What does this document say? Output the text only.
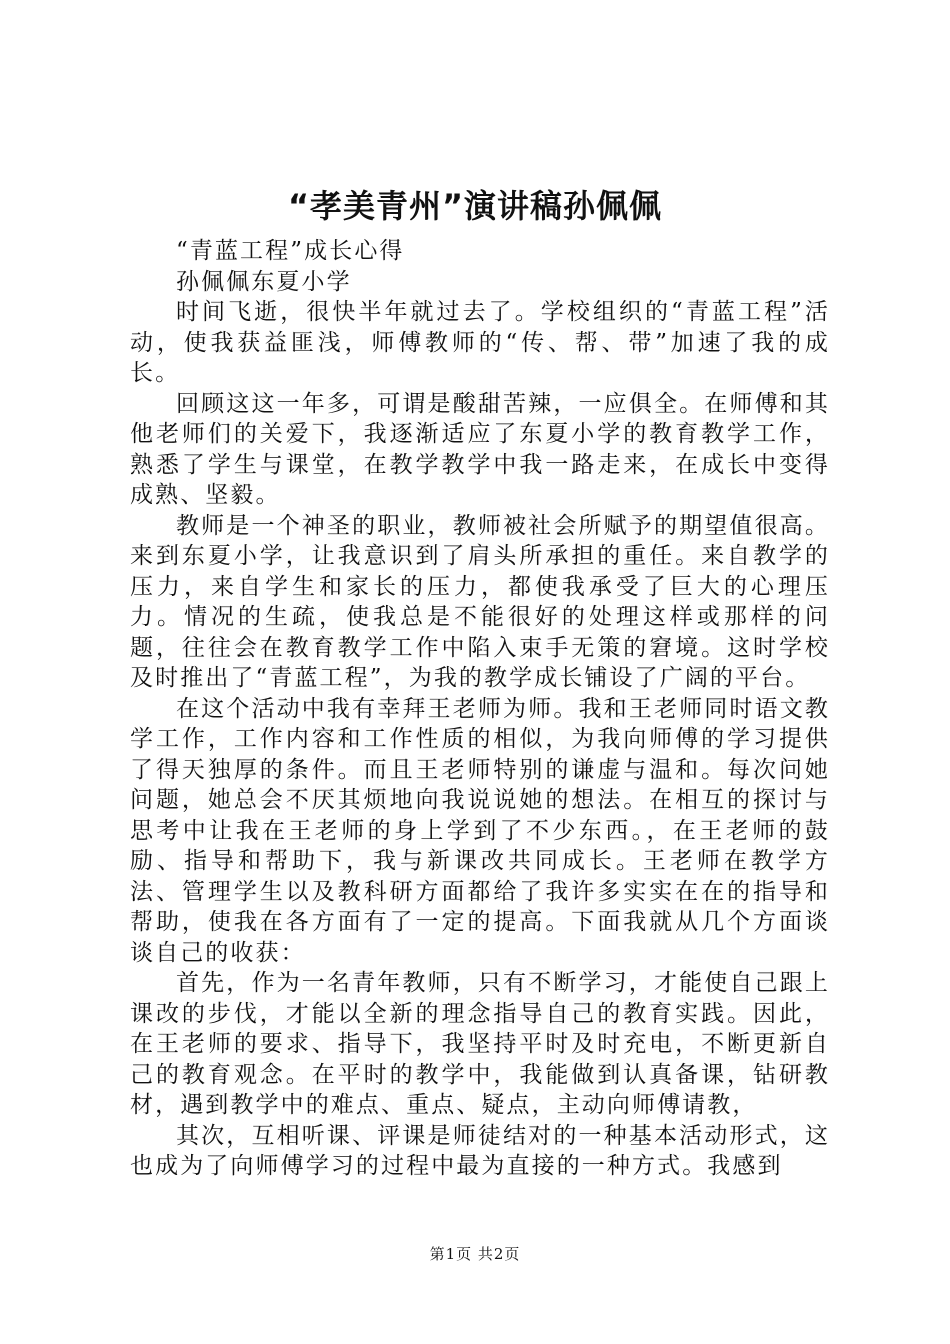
“孝美青州”演讲稿孙佩佩

“青蓝工程”成长心得

孙佩佩东夏小学

时间飞逝，很快半年就过去了。学校组织的“青蓝工程”活动，使我获益匪浅，师傅教师的“传、帮、带”加速了我的成长。

回顾这这一年多，可谓是酸甜苦辣，一应俱全。在师傅和其他老师们的关爱下，我逐渐适应了东夏小学的教育教学工作，熟悉了学生与课堂，在教学教学中我一路走来，在成长中变得成熟、坚毅。

教师是一个神圣的职业，教师被社会所赋予的期望值很高。来到东夏小学，让我意识到了肩头所承担的重任。来自教学的压力，来自学生和家长的压力，都使我承受了巨大的心理压力。情况的生疏，使我总是不能很好的处理这样或那样的问题，往往会在教育教学工作中陷入束手无策的窘境。这时学校及时推出了“青蓝工程”，为我的教学成长铺设了广阔的平台。

在这个活动中我有幸拜王老师为师。我和王老师同时语文教学工作，工作内容和工作性质的相似，为我向师傅的学习提供了得天独厚的条件。而且王老师特别的谦虚与温和。每次问她问题，她总会不厌其烦地向我说说她的想法。在相互的探讨与思考中让我在王老师的身上学到了不少东西。，在王老师的鼓励、指导和帮助下，我与新课改共同成长。王老师在教学方法、管理学生以及教科研方面都给了我许多实实在在的指导和帮助，使我在各方面有了一定的提高。下面我就从几个方面谈谈自己的收获：

首先，作为一名青年教师，只有不断学习，才能使自己跟上课改的步伐，才能以全新的理念指导自己的教育实践。因此，在王老师的要求、指导下，我坚持平时及时充电，不断更新自己的教育观念。在平时的教学中，我能做到认真备课，钻研教材，遇到教学中的难点、重点、疑点，主动向师傅请教，

其次，互相听课、评课是师徒结对的一种基本活动形式，这也成为了向师傅学习的过程中最为直接的一种方式。我感到

第1页 共2页
